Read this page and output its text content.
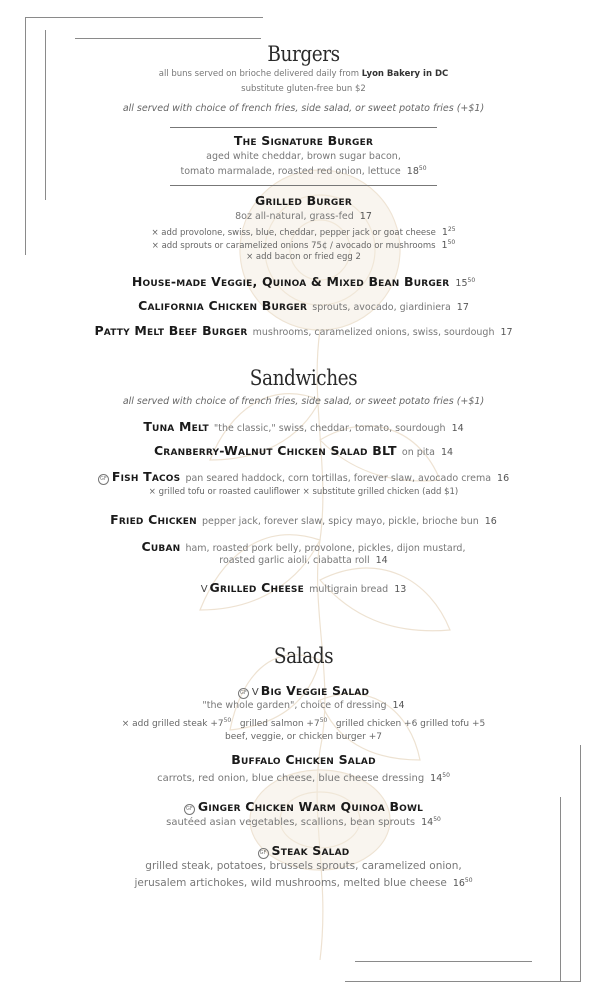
Burgers
all buns served on brioche delivered daily from Lyon Bakery in DC
substitute gluten-free bun $2
all served with choice of french fries, side salad, or sweet potato fries (+$1)
The Signature Burger
aged white cheddar, brown sugar bacon,
tomato marmalade, roasted red onion, lettuce $18^{50}$
Grilled Burger
8oz all-natural, grass-fed 17
× add provolone, swiss, blue, cheddar, pepper jack or goat cheese $1^{25}$
× add sprouts or caramelized onions 75¢ / avocado or mushrooms $1^{50}$
× add bacon or fried egg 2
House-made Veggie, Quinoa & Mixed Bean Burger $15^{50}$
California Chicken Burger sprouts, avocado, giardiniera 17
Patty Melt Beef Burger mushrooms, caramelized onions, swiss, sourdough 17
Sandwiches
all served with choice of french fries, side salad, or sweet potato fries (+$1)
Tuna Melt "the classic," swiss, cheddar, tomato, sourdough 14
Cranberry-Walnut Chicken Salad BLT on pita 14
GF Fish Tacos pan seared haddock, corn tortillas, forever slaw, avocado crema 16
× grilled tofu or roasted cauliflower × substitute grilled chicken (add $1)
Fried Chicken pepper jack, forever slaw, spicy mayo, pickle, brioche bun 16
Cuban ham, roasted pork belly, provolone, pickles, dijon mustard,
roasted garlic aioli, ciabatta roll 14
V Grilled Cheese multigrain bread 13
Salads
GF V Big Veggie Salad
"the whole garden", choice of dressing 14
× add grilled steak $+7^{50}$ grilled salmon $+7^{50}$ grilled chicken +6 grilled tofu +5
beef, veggie, or chicken burger +7
Buffalo Chicken Salad
carrots, red onion, blue cheese, blue cheese dressing $14^{50}$
GF Ginger Chicken Warm Quinoa Bowl
sautéed asian vegetables, scallions, bean sprouts $14^{50}$
GF Steak Salad
grilled steak, potatoes, brussels sprouts, caramelized onion,
jerusalem artichokes, wild mushrooms, melted blue cheese $16^{50}$
